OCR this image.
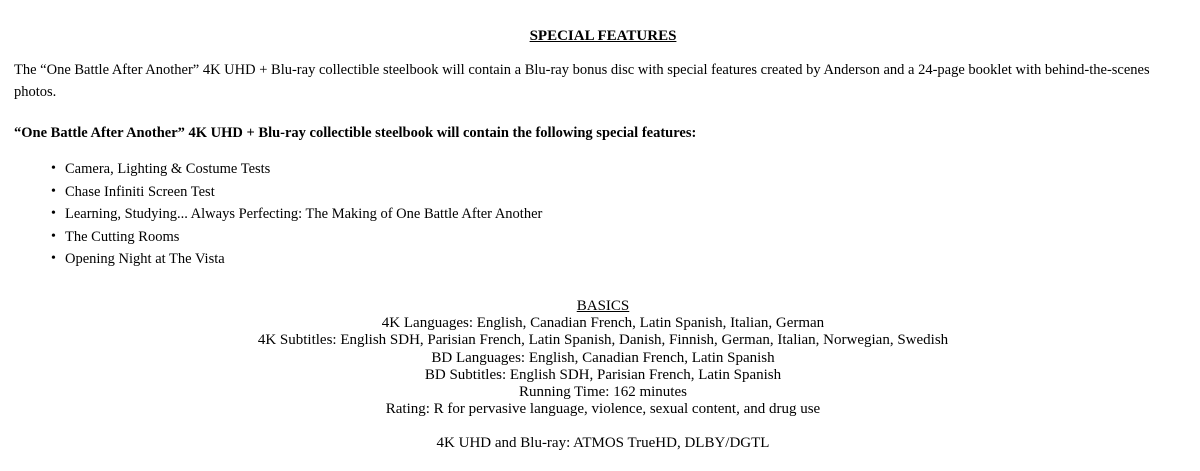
SPECIAL FEATURES
The “One Battle After Another” 4K UHD + Blu-ray collectible steelbook will contain a Blu-ray bonus disc with special features created by Anderson and a 24-page booklet with behind-the-scenes photos.
“One Battle After Another” 4K UHD + Blu-ray collectible steelbook will contain the following special features:
• Camera, Lighting & Costume Tests
• Chase Infiniti Screen Test
• Learning, Studying... Always Perfecting: The Making of One Battle After Another
• The Cutting Rooms
• Opening Night at The Vista
BASICS
4K Languages: English, Canadian French, Latin Spanish, Italian, German
4K Subtitles: English SDH, Parisian French, Latin Spanish, Danish, Finnish, German, Italian, Norwegian, Swedish
BD Languages: English, Canadian French, Latin Spanish
BD Subtitles: English SDH, Parisian French, Latin Spanish
Running Time: 162 minutes
Rating: R for pervasive language, violence, sexual content, and drug use
4K UHD and Blu-ray: ATMOS TrueHD, DLBY/DGTL
